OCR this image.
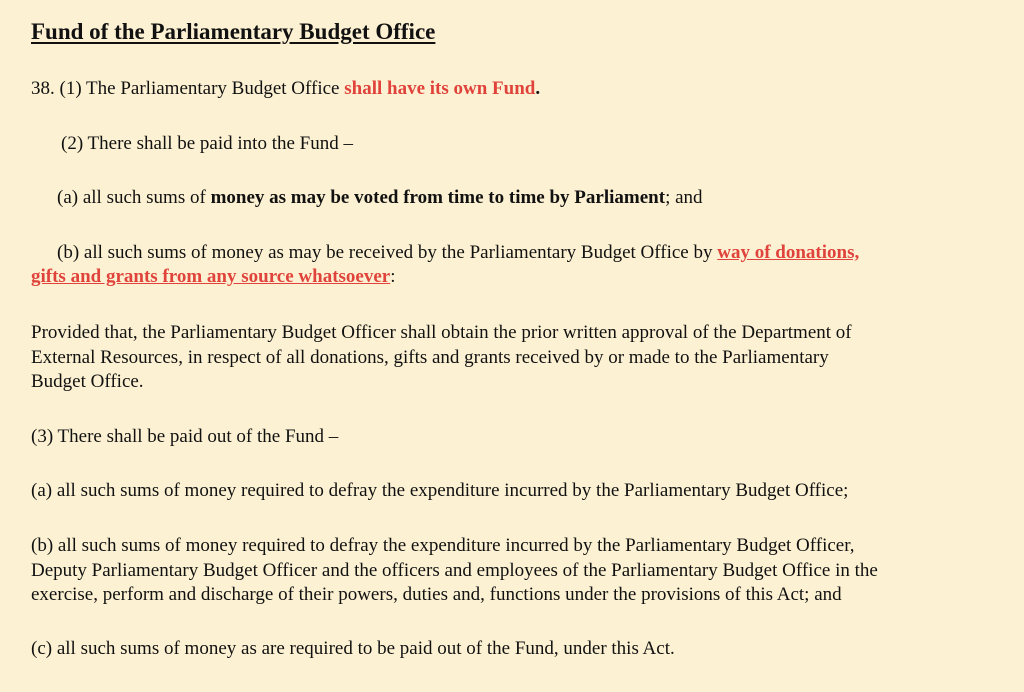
Fund of the Parliamentary Budget Office
38. (1) The Parliamentary Budget Office shall have its own Fund.
(2) There shall be paid into the Fund –
(a) all such sums of money as may be voted from time to time by Parliament; and
(b) all such sums of money as may be received by the Parliamentary Budget Office by way of donations,
gifts and grants from any source whatsoever:
Provided that, the Parliamentary Budget Officer shall obtain the prior written approval of the Department of
External Resources, in respect of all donations, gifts and grants received by or made to the Parliamentary
Budget Office.
(3) There shall be paid out of the Fund –
(a) all such sums of money required to defray the expenditure incurred by the Parliamentary Budget Office;
(b) all such sums of money required to defray the expenditure incurred by the Parliamentary Budget Officer,
Deputy Parliamentary Budget Officer and the officers and employees of the Parliamentary Budget Office in the
exercise, perform and discharge of their powers, duties and, functions under the provisions of this Act; and
(c) all such sums of money as are required to be paid out of the Fund, under this Act.
